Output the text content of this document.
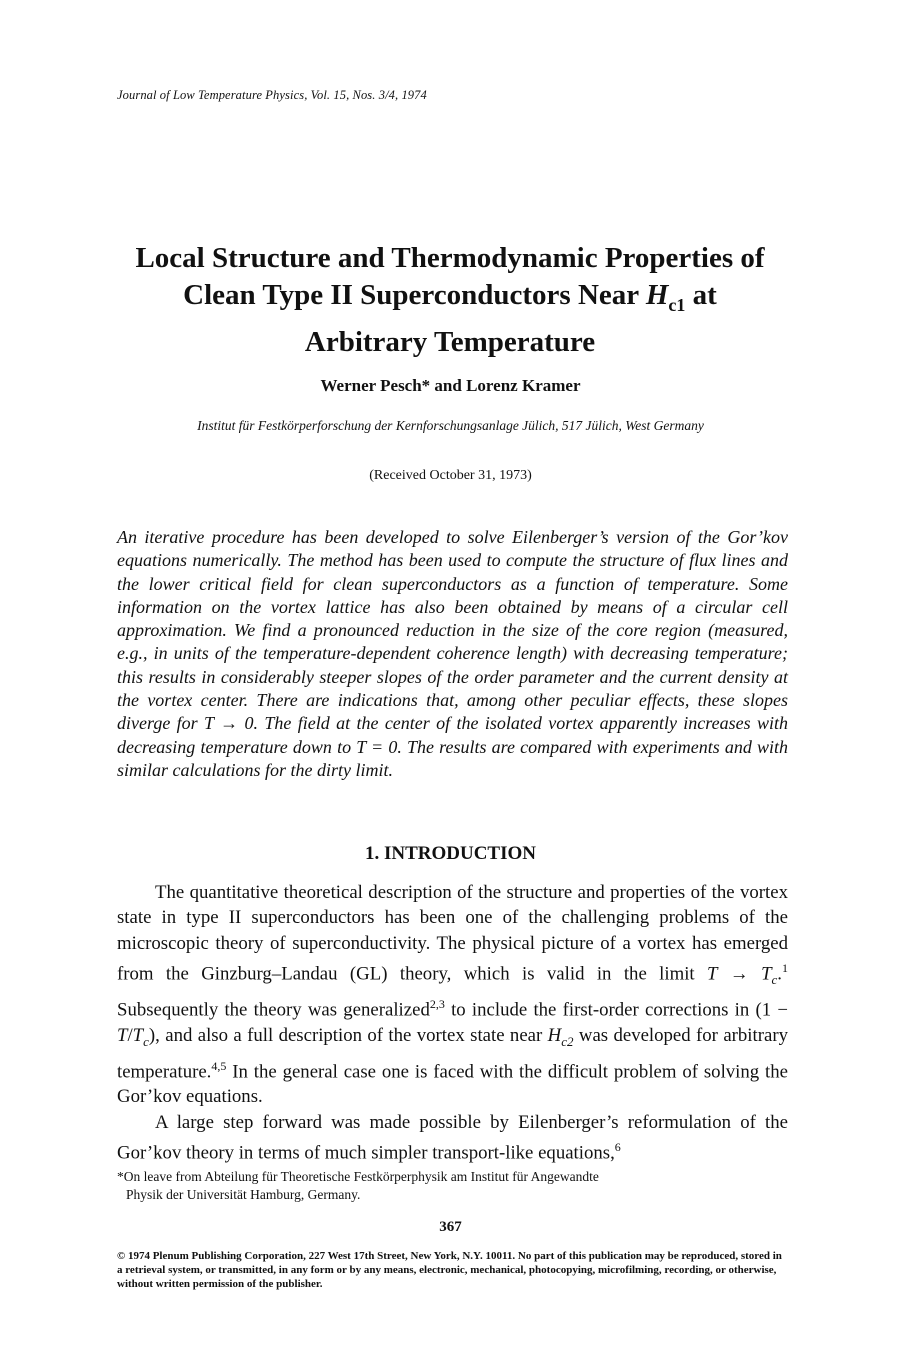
Journal of Low Temperature Physics, Vol. 15, Nos. 3/4, 1974
Local Structure and Thermodynamic Properties of
Clean Type II Superconductors Near $H_{c1}$ at
Arbitrary Temperature
Werner Pesch* and Lorenz Kramer
Institut für Festkörperforschung der Kernforschungsanlage Jülich, 517 Jülich, West Germany
(Received October 31, 1973)
An iterative procedure has been developed to solve Eilenberger’s version of the Gor’kov equations numerically. The method has been used to compute the structure of flux lines and the lower critical field for clean superconductors as a function of temperature. Some information on the vortex lattice has also been obtained by means of a circular cell approximation. We find a pronounced reduction in the size of the core region (measured, e.g., in units of the temperature-dependent coherence length) with decreasing temperature; this results in considerably steeper slopes of the order parameter and the current density at the vortex center. There are indications that, among other peculiar effects, these slopes diverge for T → 0. The field at the center of the isolated vortex apparently increases with decreasing temperature down to T = 0. The results are compared with experiments and with similar calculations for the dirty limit.
1. INTRODUCTION

The quantitative theoretical description of the structure and properties of the vortex state in type II superconductors has been one of the challenging problems of the microscopic theory of superconductivity. The physical picture of a vortex has emerged from the Ginzburg–Landau (GL) theory, which is valid in the limit $T \to T_c.^1$ Subsequently the theory was generalized$^{2,3}$ to include the first-order corrections in $(1 - T/T_c)$, and also a full description of the vortex state near $H_{c2}$ was developed for arbitrary temperature.$^{4,5}$ In the general case one is faced with the difficult problem of solving the Gor’kov equations.

A large step forward was made possible by Eilenberger’s reformulation of the Gor’kov theory in terms of much simpler transport-like equations,$^6$

*On leave from Abteilung für Theoretische Festkörperphysik am Institut für Angewandte
Physik der Universität Hamburg, Germany.
367
© 1974 Plenum Publishing Corporation, 227 West 17th Street, New York, N.Y. 10011. No part of this publication may be reproduced, stored in a retrieval system, or transmitted, in any form or by any means, electronic, mechanical, photocopying, microfilming, recording, or otherwise, without written permission of the publisher.
